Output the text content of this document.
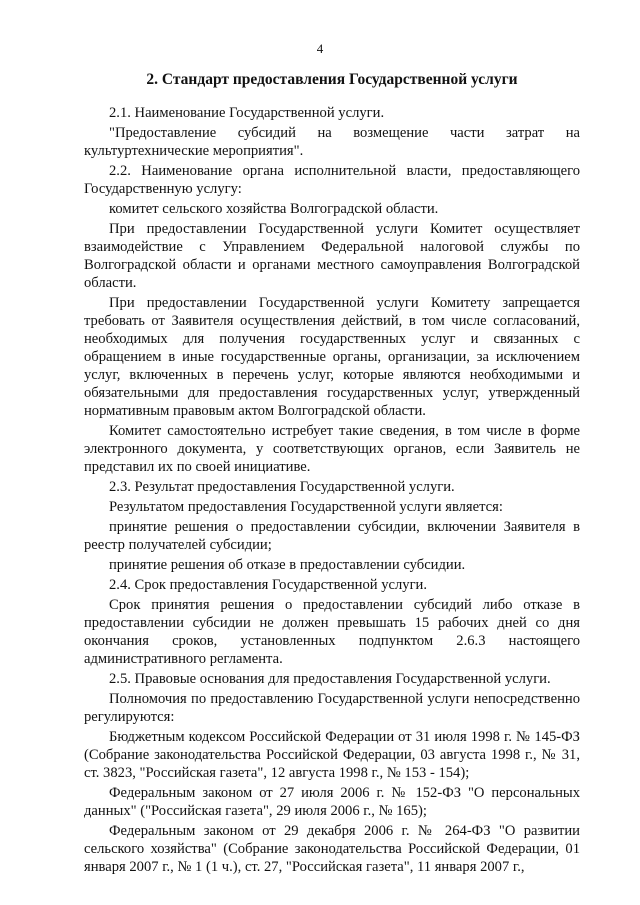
4
2. Стандарт предоставления Государственной услуги

2.1. Наименование Государственной услуги.

"Предоставление субсидий на возмещение части затрат на культуртехнические мероприятия".

2.2. Наименование органа исполнительной власти, предоставляющего Государственную услугу:

комитет сельского хозяйства Волгоградской области.

При предоставлении Государственной услуги Комитет осуществляет взаимодействие с Управлением Федеральной налоговой службы по Волгоградской области и органами местного самоуправления Волгоградской области.

При предоставлении Государственной услуги Комитету запрещается требовать от Заявителя осуществления действий, в том числе согласований, необходимых для получения государственных услуг и связанных с обращением в иные государственные органы, организации, за исключением услуг, включенных в перечень услуг, которые являются необходимыми и обязательными для предоставления государственных услуг, утвержденный нормативным правовым актом Волгоградской области.

Комитет самостоятельно истребует такие сведения, в том числе в форме электронного документа, у соответствующих органов, если Заявитель не представил их по своей инициативе.

2.3. Результат предоставления Государственной услуги.

Результатом предоставления Государственной услуги является:

принятие решения о предоставлении субсидии, включении Заявителя в реестр получателей субсидии;

принятие решения об отказе в предоставлении субсидии.

2.4. Срок предоставления Государственной услуги.

Срок принятия решения о предоставлении субсидий либо отказе в предоставлении субсидии не должен превышать 15 рабочих дней со дня окончания сроков, установленных подпунктом 2.6.3 настоящего административного регламента.

2.5. Правовые основания для предоставления Государственной услуги.

Полномочия по предоставлению Государственной услуги непосредственно регулируются:

Бюджетным кодексом Российской Федерации от 31 июля 1998 г. № 145-ФЗ (Собрание законодательства Российской Федерации, 03 августа 1998 г., № 31, ст. 3823, "Российская газета", 12 августа 1998 г., № 153 - 154);

Федеральным законом от 27 июля 2006 г. № 152-ФЗ "О персональных данных" ("Российская газета", 29 июля 2006 г., № 165);

Федеральным законом от 29 декабря 2006 г. № 264-ФЗ "О развитии сельского хозяйства" (Собрание законодательства Российской Федерации, 01 января 2007 г., № 1 (1 ч.), ст. 27, "Российская газета", 11 января 2007 г.,
